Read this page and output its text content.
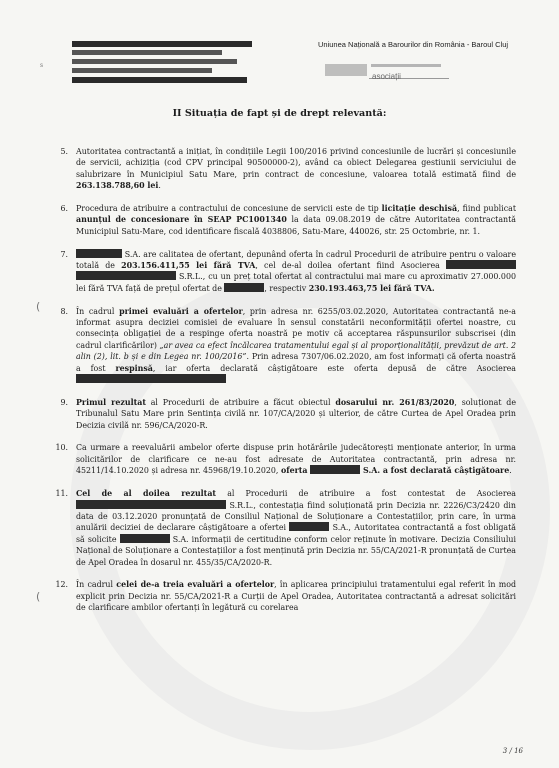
s
Uniunea Națională a Barourilor din România - Baroul Cluj
asociații
II Situația de fapt și de drept relevantă:
5. Autoritatea contractantă a inițiat, în condițiile Legii 100/2016 privind concesiunile de lucrări și concesiunile de servicii, achiziția (cod CPV principal 90500000-2), având ca obiect Delegarea gestiunii serviciului de salubrizare în Municipiul Satu Mare, prin contract de concesiune, valoarea totală estimată fiind de 263.138.788,60 lei.
6. Procedura de atribuire a contractului de concesiune de servicii este de tip licitație deschisă, fiind publicat anunțul de concesionare în SEAP PC1001340 la data 09.08.2019 de către Autoritatea contractantă Municipiul Satu-Mare, cod identificare fiscală 4038806, Satu-Mare, 440026, str. 25 Octombrie, nr. 1.
7.	S.A. are calitatea de ofertant, depunând oferta în cadrul Procedurii de atribuire pentru o valoare totală de 203.156.411,55 lei fără TVA, cel de-al doilea ofertant fiind Asocierea   S.R.L., cu un preț total ofertat al contractului mai mare cu aproximativ 27.000.000 lei fără TVA față de prețul ofertat de	, respectiv 230.193.463,75 lei fără TVA.
8. În cadrul primei evaluări a ofertelor, prin adresa nr. 6255/03.02.2020, Autoritatea contractantă ne-a informat asupra deciziei comisiei de evaluare în sensul constatării neconformității ofertei noastre, cu consecința obligației de a respinge oferta noastră pe motiv că acceptarea răspunsurilor subscrisei (din cadrul clarificărilor) „ar avea ca efect încălcarea tratamentului egal și al proporționalității, prevăzut de art. 2 alin (2), lit. b și e din Legea nr. 100/2016”. Prin adresa 7307/06.02.2020, am fost informați că oferta noastră a fost respinsă, iar oferta declarată câștigătoare este oferta depusă de către Asocierea
9. Primul rezultat al Procedurii de atribuire a făcut obiectul dosarului nr. 261/83/2020, soluționat de Tribunalul Satu Mare prin Sentința civilă nr. 107/CA/2020 și ulterior, de către Curtea de Apel Oradea prin Decizia civilă nr. 596/CA/2020-R.
10. Ca urmare a reevaluării ambelor oferte dispuse prin hotărârile judecătorești menționate anterior, în urma solicitărilor de clarificare ce ne-au fost adresate de Autoritatea contractantă, prin adresa nr. 45211/14.10.2020 și adresa nr. 45968/19.10.2020, oferta	S.A. a fost declarată câștigătoare.
11. Cel de al doilea rezultat al Procedurii de atribuire a fost contestat de Asocierea  S.R.L., contestația fiind soluționată prin Decizia nr. 2226/C3/2420 din data de 03.12.2020 pronunțată de Consiliul Național de Soluționare a Contestațiilor, prin care, în urma anulării deciziei de declarare câștigătoare a ofertei	S.A., Autoritatea contractantă a fost obligată să solicite	S.A. informații de certitudine conform celor reținute în motivare. Decizia Consiliului Național de Soluționare a Contestațiilor a fost menținută prin Decizia nr. 55/CA/2021-R pronunțată de Curtea de Apel Oradea în dosarul nr. 455/35/CA/2020-R.
12. În cadrul celei de-a treia evaluări a ofertelor, în aplicarea principiului tratamentului egal referit în mod explicit prin Decizia nr. 55/CA/2021-R a Curții de Apel Oradea, Autoritatea contractantă a adresat solicitări de clarificare ambilor ofertanți în legătură cu corelarea
(
(
3 / 16
